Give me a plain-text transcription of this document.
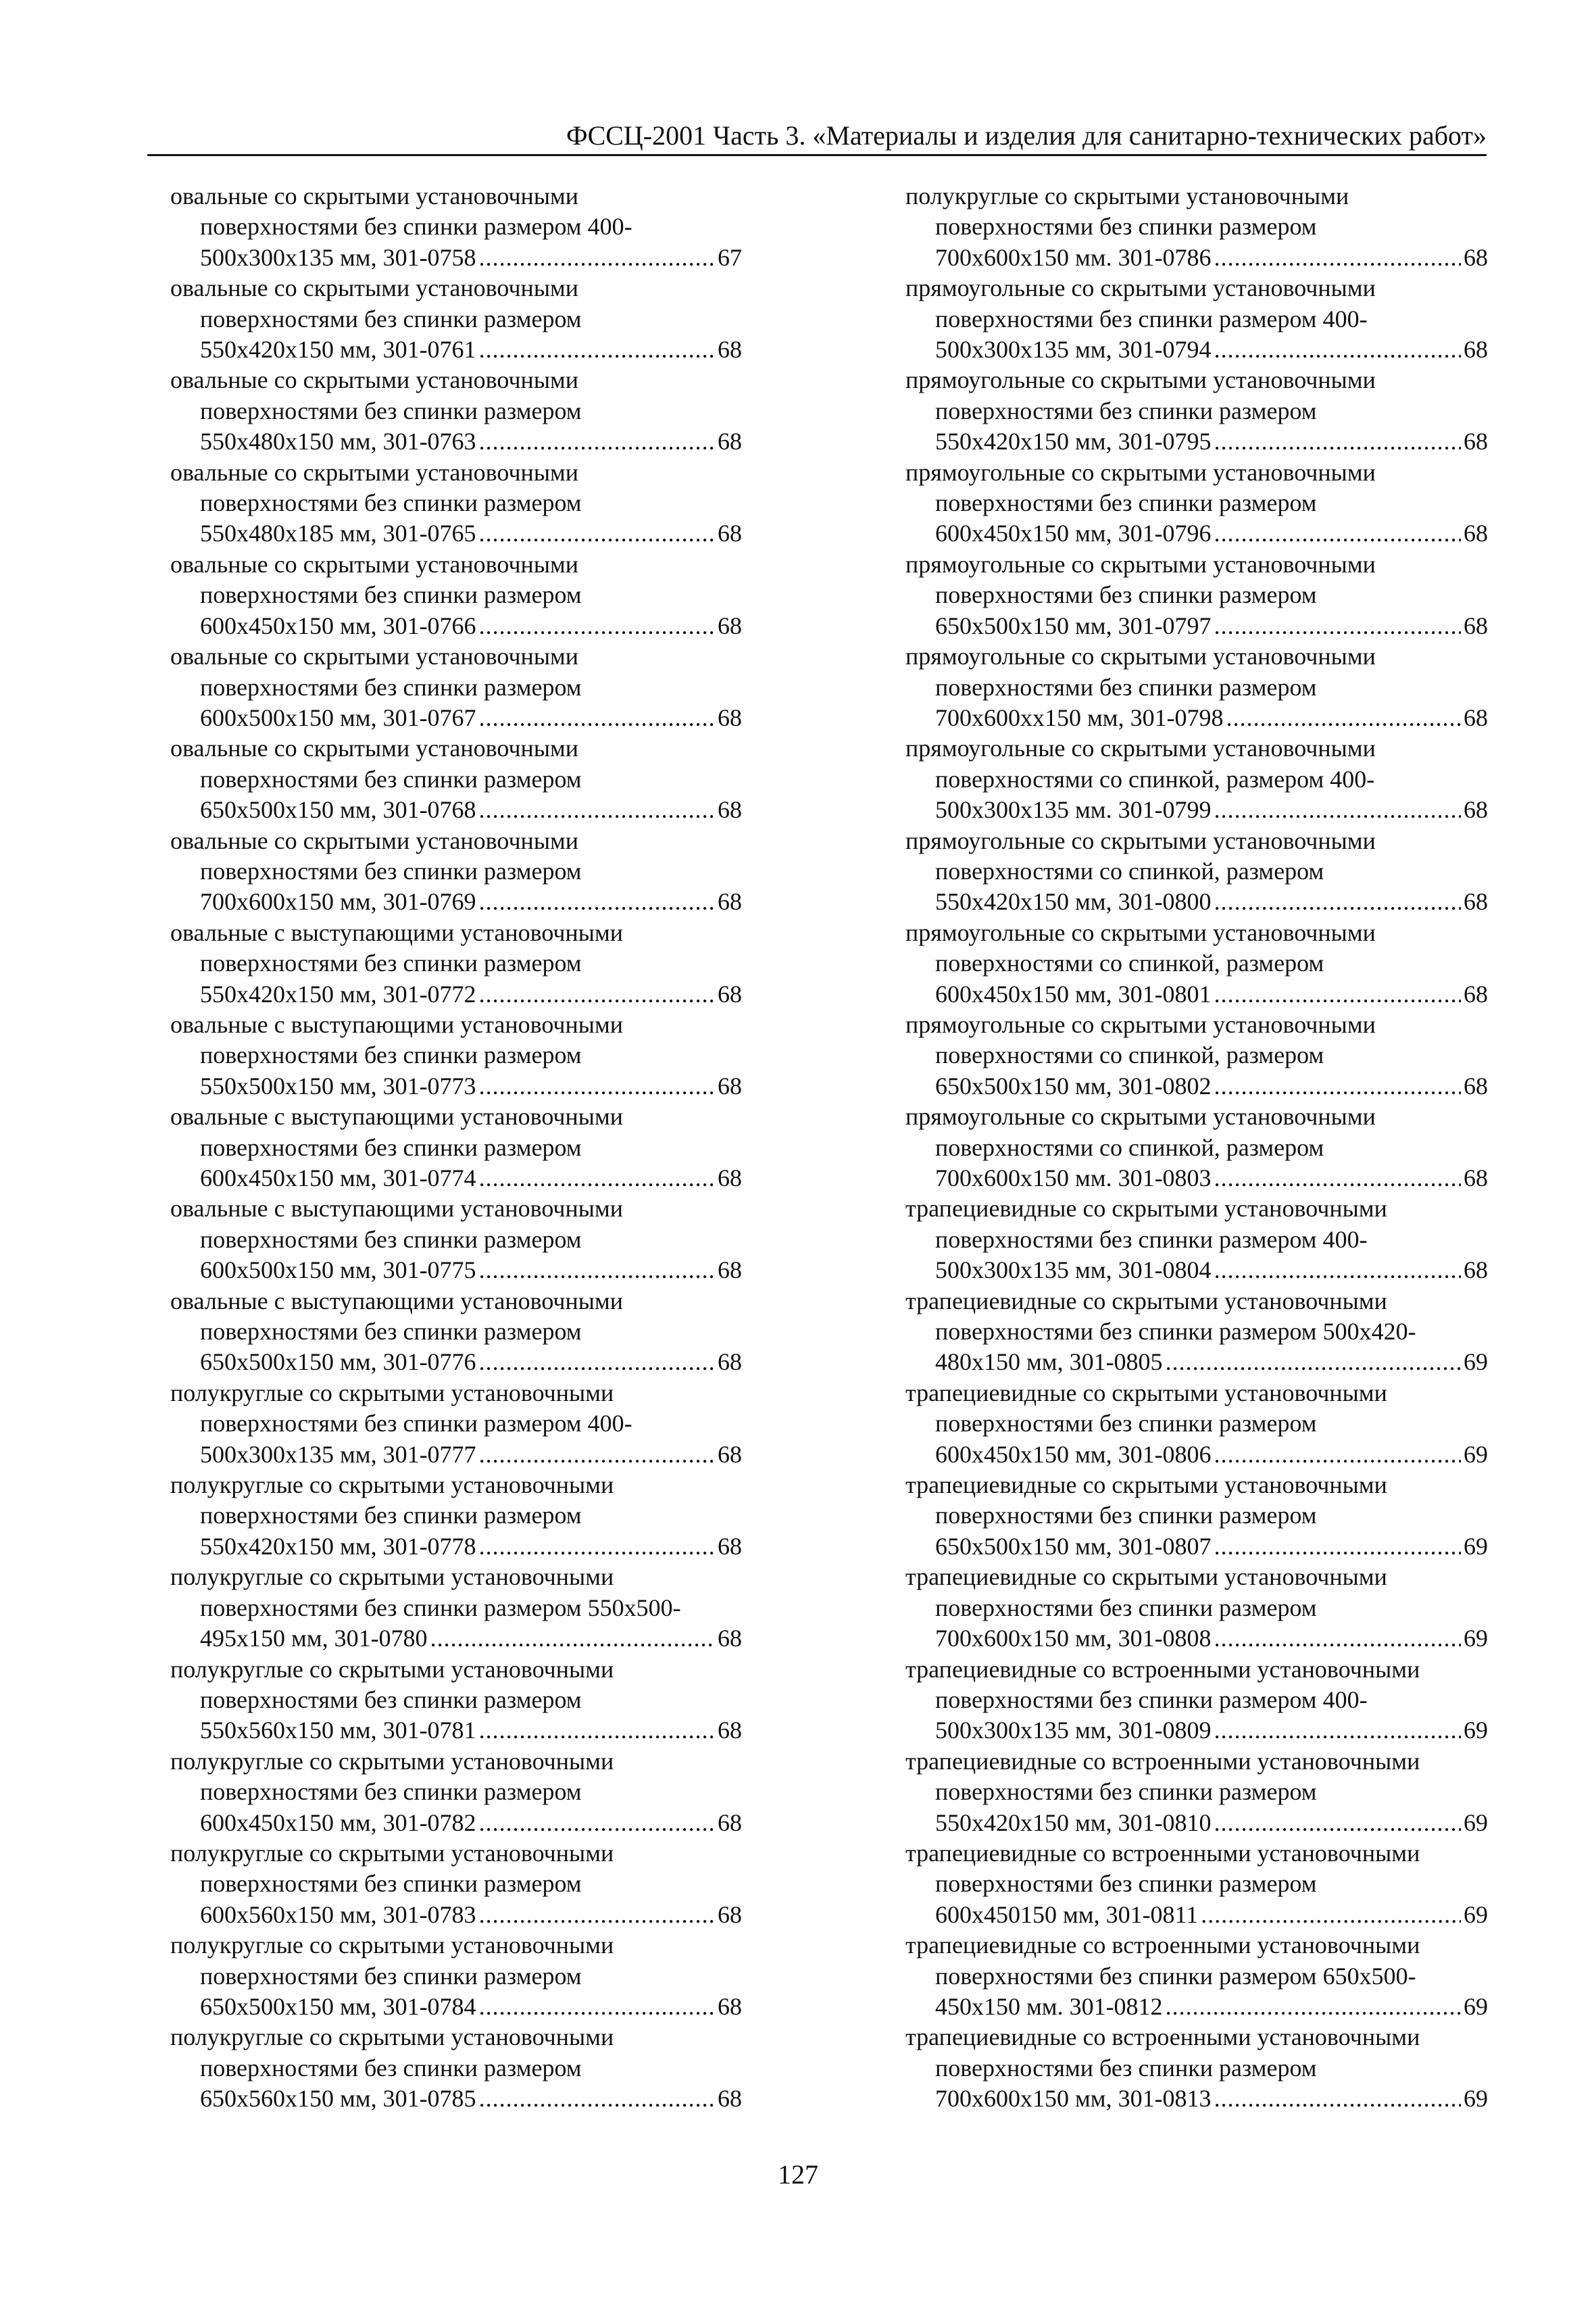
ФССЦ-2001 Часть 3. «Материалы и изделия для санитарно-технических работ»
овальные со скрытыми установочными
поверхностями без спинки размером 400-
500x300x135 мм, 301-0758 .....	67
овальные со скрытыми установочными
поверхностями без спинки размером
550x420x150 мм, 301-0761 .....	68
овальные со скрытыми установочными
поверхностями без спинки размером
550x480x150 мм, 301-0763 .....	68
овальные со скрытыми установочными
поверхностями без спинки размером
550x480x185 мм, 301-0765 .....	68
овальные со скрытыми установочными
поверхностями без спинки размером
600x450x150 мм, 301-0766 .....	68
овальные со скрытыми установочными
поверхностями без спинки размером
600x500x150 мм, 301-0767 .....	68
овальные со скрытыми установочными
поверхностями без спинки размером
650x500x150 мм, 301-0768 .....	68
овальные со скрытыми установочными
поверхностями без спинки размером
700x600x150 мм, 301-0769 .....	68
овальные с выступающими установочными
поверхностями без спинки размером
550x420x150 мм, 301-0772 .....	68
овальные с выступающими установочными
поверхностями без спинки размером
550x500x150 мм, 301-0773 .....	68
овальные с выступающими установочными
поверхностями без спинки размером
600x450x150 мм, 301-0774 .....	68
овальные с выступающими установочными
поверхностями без спинки размером
600x500x150 мм, 301-0775 .....	68
овальные с выступающими установочными
поверхностями без спинки размером
650x500x150 мм, 301-0776 .....	68
полукруглые со скрытыми установочными
поверхностями без спинки размером 400-
500x300x135 мм, 301-0777 .....	68
полукруглые со скрытыми установочными
поверхностями без спинки размером
550x420x150 мм, 301-0778 .....	68
полукруглые со скрытыми установочными
поверхностями без спинки размером 550x500-
495x150 мм, 301-0780 .....	68
полукруглые со скрытыми установочными
поверхностями без спинки размером
550x560x150 мм, 301-0781 .....	68
полукруглые со скрытыми установочными
поверхностями без спинки размером
600x450x150 мм, 301-0782 .....	68
полукруглые со скрытыми установочными
поверхностями без спинки размером
600x560x150 мм, 301-0783 .....	68
полукруглые со скрытыми установочными
поверхностями без спинки размером
650x500x150 мм, 301-0784 .....	68
полукруглые со скрытыми установочными
поверхностями без спинки размером
650x560x150 мм, 301-0785 .....	68
полукруглые со скрытыми установочными
поверхностями без спинки размером
700x600x150 мм. 301-0786 .....	68
прямоугольные со скрытыми установочными
поверхностями без спинки размером 400-
500x300x135 мм, 301-0794 .....	68
прямоугольные со скрытыми установочными
поверхностями без спинки размером
550x420x150 мм, 301-0795 .....	68
прямоугольные со скрытыми установочными
поверхностями без спинки размером
600x450x150 мм, 301-0796 .....	68
прямоугольные со скрытыми установочными
поверхностями без спинки размером
650x500x150 мм, 301-0797 .....	68
прямоугольные со скрытыми установочными
поверхностями без спинки размером
700x600xx150 мм, 301-0798 .....	68
прямоугольные со скрытыми установочными
поверхностями со спинкой, размером 400-
500x300x135 мм. 301-0799 .....	68
прямоугольные со скрытыми установочными
поверхностями со спинкой, размером
550x420x150 мм, 301-0800 .....	68
прямоугольные со скрытыми установочными
поверхностями со спинкой, размером
600x450x150 мм, 301-0801 .....	68
прямоугольные со скрытыми установочными
поверхностями со спинкой, размером
650x500x150 мм, 301-0802 .....	68
прямоугольные со скрытыми установочными
поверхностями со спинкой, размером
700x600x150 мм. 301-0803 .....	68
трапециевидные со скрытыми установочными
поверхностями без спинки размером 400-
500x300x135 мм, 301-0804 .....	68
трапециевидные со скрытыми установочными
поверхностями без спинки размером 500x420-
480x150 мм, 301-0805 .....	69
трапециевидные со скрытыми установочными
поверхностями без спинки размером
600x450x150 мм, 301-0806 .....	69
трапециевидные со скрытыми установочными
поверхностями без спинки размером
650x500x150 мм, 301-0807 .....	69
трапециевидные со скрытыми установочными
поверхностями без спинки размером
700x600x150 мм, 301-0808 .....	69
трапециевидные со встроенными установочными
поверхностями без спинки размером 400-
500x300x135 мм, 301-0809 .....	69
трапециевидные со встроенными установочными
поверхностями без спинки размером
550x420x150 мм, 301-0810 .....	69
трапециевидные со встроенными установочными
поверхностями без спинки размером
600x450150 мм, 301-0811 .....	69
трапециевидные со встроенными установочными
поверхностями без спинки размером 650x500-
450x150 мм. 301-0812 .....	69
трапециевидные со встроенными установочными
поверхностями без спинки размером
700x600x150 мм, 301-0813 .....	69
127
